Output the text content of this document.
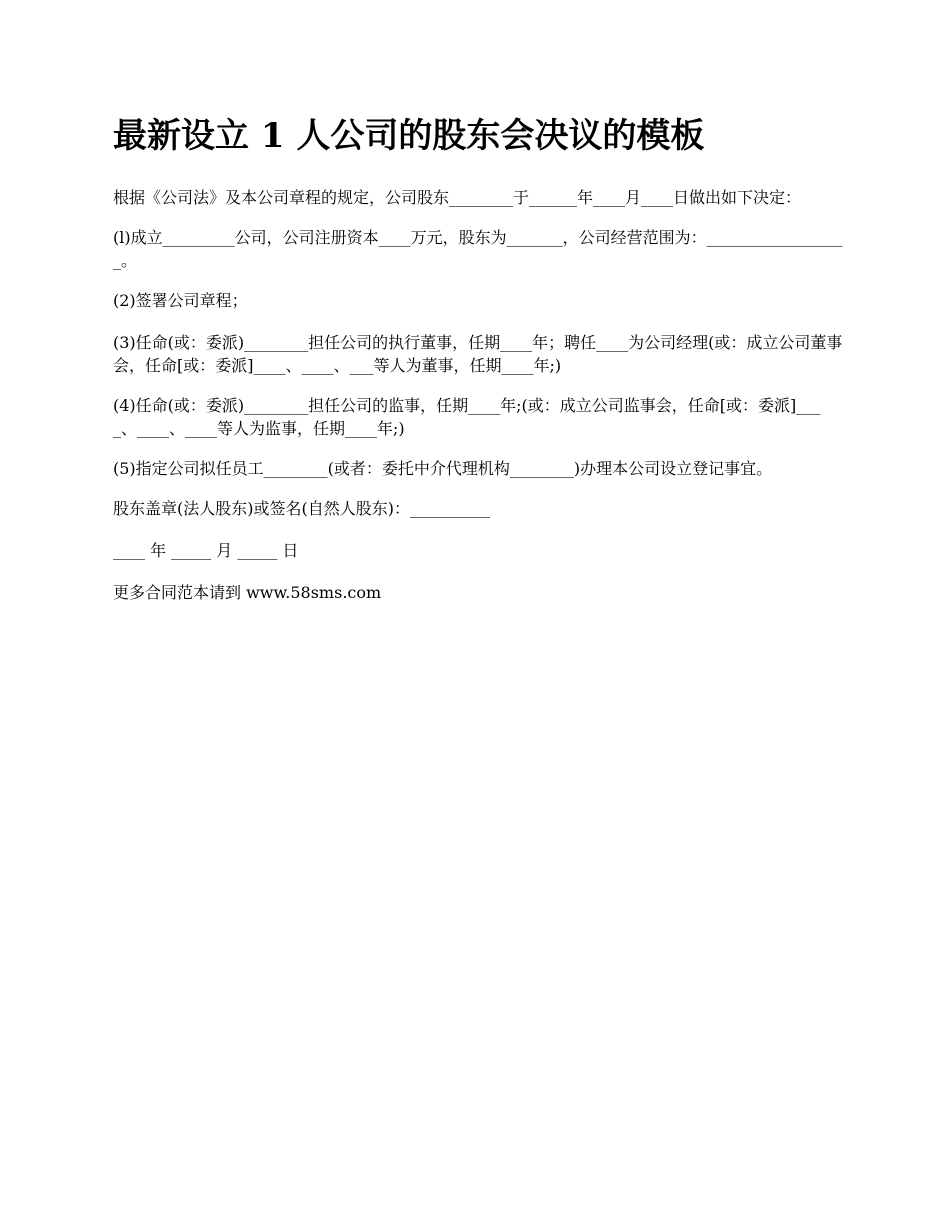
最新设立 1 人公司的股东会决议的模板

根据《公司法》及本公司章程的规定，公司股东________于______年____月____日做出如下决定：

(l)成立_________公司，公司注册资本____万元，股东为_______，公司经营范围为：__________________。

(2)签署公司章程；

(3)任命(或：委派)________担任公司的执行董事，任期____年；聘任____为公司经理(或：成立公司董事会，任命[或：委派]____、____、___等人为董事，任期____年;)

(4)任命(或：委派)________担任公司的监事，任期____年;(或：成立公司监事会，任命[或：委派]____、____、____等人为监事，任期____年;)

(5)指定公司拟任员工________(或者：委托中介代理机构________)办理本公司设立登记事宜。

股东盖章(法人股东)或签名(自然人股东)：__________

____ 年 _____ 月 _____ 日

更多合同范本请到 www.58sms.com
